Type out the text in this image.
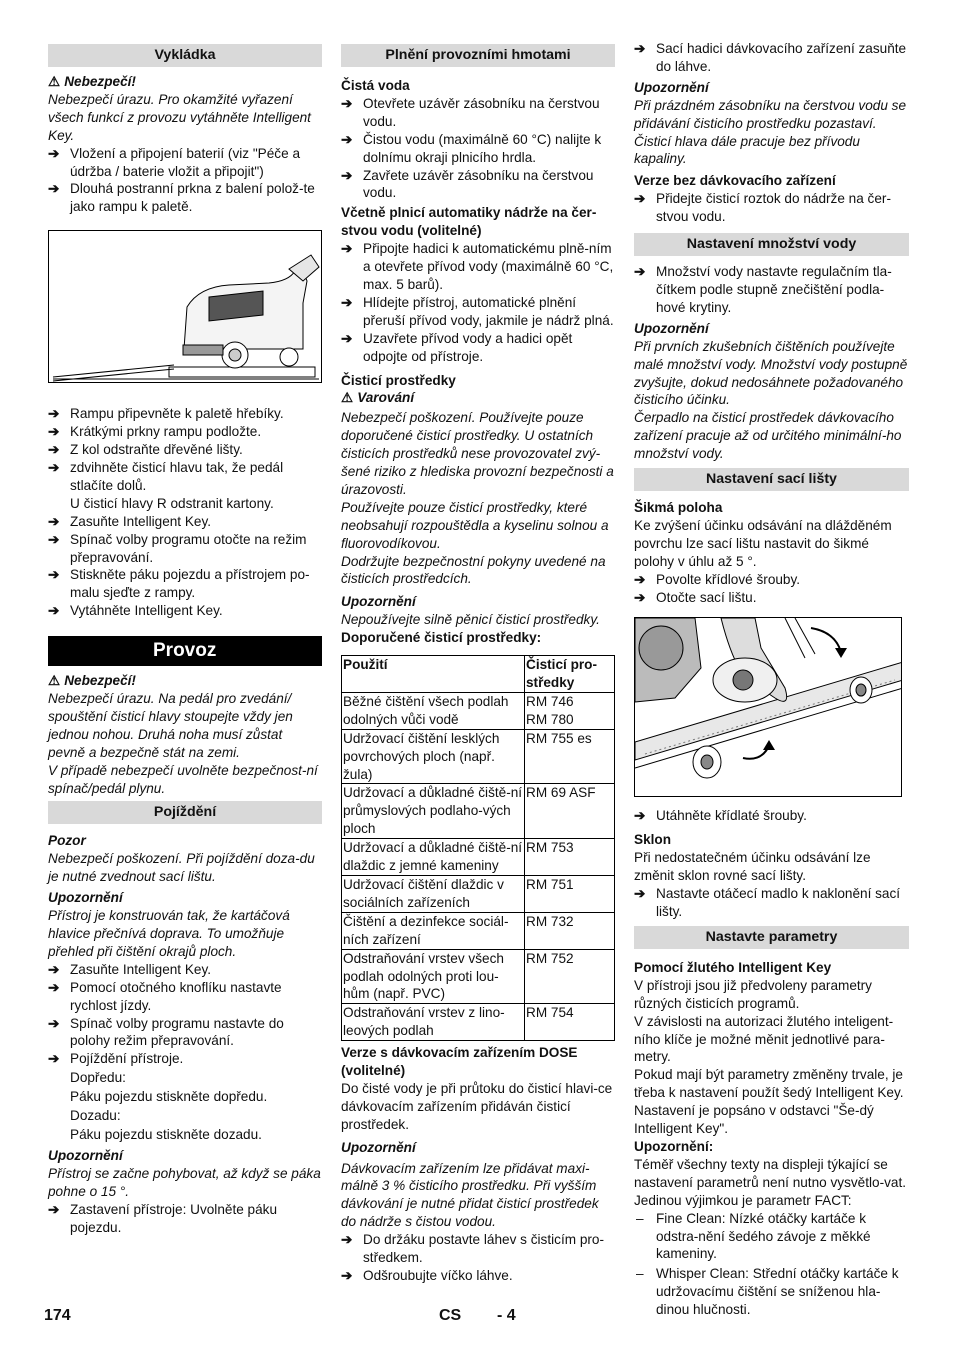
Vykládka

⚠ Nebezpečí!

Nebezpečí úrazu. Pro okamžité vyřazení všech funkcí z provozu vytáhněte Intelligent Key.

➔ Vložení a připojení baterií (viz "Péče a údržba / baterie vložit a připojit")
➔ Dlouhá postranní prkna z balení polož-te jako rampu k paletě.
➔ Rampu připevněte k paletě hřebíky.
➔ Krátkými prkny rampu podložte.
➔ Z kol odstraňte dřevěné lišty.
➔ zdvihněte čisticí hlavu tak, že pedál stlačíte dolů.

U čisticí hlavy R odstranit kartony.

➔ Zasuňte Intelligent Key.
➔ Spínač volby programu otočte na režim přepravování.
➔ Stiskněte páku pojezdu a přístrojem po-malu sjeďte z rampy.
➔ Vytáhněte Intelligent Key.
Provoz

⚠ Nebezpečí!

Nebezpečí úrazu. Na pedál pro zvedání/ spouštění čisticí hlavy stoupejte vždy jen jednou nohou. Druhá noha musí zůstat pevně a bezpečně stát na zemi.

V případě nebezpečí uvolněte bezpečnost-ní spínač/pedál plynu.

Pojíždění

Pozor

Nebezpečí poškození. Při pojíždění doza-du je nutné zvednout sací lištu.

Upozornění

Přístroj je konstruován tak, že kartáčová hlavice přečnívá doprava. To umožňuje přehled při čištění okrajů ploch.

➔ Zasuňte Intelligent Key.
➔ Pomocí otočného knoflíku nastavte rychlost jízdy.
➔ Spínač volby programu nastavte do polohy režim přepravování.
➔ Pojíždění přístroje.

Dopředu:

Páku pojezdu stiskněte dopředu.

Dozadu:

Páku pojezdu stiskněte dozadu.

Upozornění

Přístroj se začne pohybovat, až když se páka pohne o 15 °.

➔ Zastavení přístroje: Uvolněte páku pojezdu.
Plnění provozními hmotami

Čistá voda

➔ Otevřete uzávěr zásobníku na čerstvou vodu.
➔ Čistou vodu (maximálně 60 °C) nalijte k dolnímu okraji plnicího hrdla.
➔ Zavřete uzávěr zásobníku na čerstvou vodu.

Včetně plnicí automatiky nádrže na čer-stvou vodu (volitelné)

➔ Připojte hadici k automatickému plně-ním a otevřete přívod vody (maximálně 60 °C, max. 5 barů).
➔ Hlídejte přístroj, automatické plnění přeruší přívod vody, jakmile je nádrž plná.
➔ Uzavřete přívod vody a hadici opět odpojte od přístroje.

Čisticí prostředky

⚠ Varování

Nebezpečí poškození. Používejte pouze doporučené čisticí prostředky. U ostatních čisticích prostředků nese provozovatel zvý-šené riziko z hlediska provozní bezpečnosti a úrazovosti.

Používejte pouze čisticí prostředky, které neobsahují rozpouštědla a kyselinu solnou a fluorovodíkovou.

Dodržujte bezpečnostní pokyny uvedené na čisticích prostředcích.

Upozornění

Nepoužívejte silně pěnicí čisticí prostředky.

Doporučené čisticí prostředky:

Použití	Čisticí pro-středky
Běžné čištění všech podlah odolných vůči vodě	RM 746
RM 780
Udržovací čištění lesklých povrchových ploch (např. žula)	RM 755 es
Udržovací a důkladné čiště-ní průmyslových podlaho-vých ploch	RM 69 ASF
Udržovací a důkladné čiště-ní dlaždic z jemné kameniny	RM 753
Udržovací čištění dlaždic v sociálních zařízeních	RM 751
Čištění a dezinfekce sociál-ních zařízení	RM 732
Odstraňování vrstev všech podlah odolných proti lou-hům (např. PVC)	RM 752
Odstraňování vrstev z lino-leových podlah	RM 754

Verze s dávkovacím zařízením DOSE (volitelné)

Do čisté vody je při průtoku do čisticí hlavi-ce dávkovacím zařízením přidáván čisticí prostředek.

Upozornění

Dávkovacím zařízením lze přidávat maxi-málně 3 % čisticího prostředku. Při vyšším dávkování je nutné přidat čisticí prostředek do nádrže s čistou vodou.

➔ Do držáku postavte láhev s čisticím pro-středkem.
➔ Odšroubujte víčko láhve.
➔ Sací hadici dávkovacího zařízení zasuňte do láhve.

Upozornění

Při prázdném zásobníku na čerstvou vodu se přidávání čisticího prostředku pozastaví. Čisticí hlava dále pracuje bez přívodu kapaliny.

Verze bez dávkovacího zařízení

➔ Přidejte čisticí roztok do nádrže na čer-stvou vodu.
Nastavení množství vody
➔ Množství vody nastavte regulačním tla-čítkem podle stupně znečištění podla-hové krytiny.

Upozornění

Při prvních zkušebních čištěních používejte malé množství vody. Množství vody postupně zvyšujte, dokud nedosáhnete požadovaného čisticího účinku.

Čerpadlo na čisticí prostředek dávkovacího zařízení pracuje až od určitého minimální-ho množství vody.

Nastavení sací lišty

Šikmá poloha

Ke zvýšení účinku odsávání na dlážděném povrchu lze sací lištu nastavit do šikmé polohy v úhlu až 5 °.

➔ Povolte křídlové šrouby.
➔ Otočte sací lištu.
➔ Utáhněte křídlaté šrouby.

Sklon

Při nedostatečném účinku odsávání lze změnit sklon rovné sací lišty.

➔ Nastavte otáčecí madlo k naklonění sací lišty.
Nastavte parametry

Pomocí žlutého Intelligent Key

V přístroji jsou již předvoleny parametry různých čisticích programů.

V závislosti na autorizaci žlutého inteligent-ního klíče je možné měnit jednotlivé para-metry.

Pokud mají být parametry změněny trvale, je třeba k nastavení použít šedý Intelligent Key. Nastavení je popsáno v odstavci "Še-dý Intelligent Key".

Upozornění:

Téměř všechny texty na displeji týkající se nastavení parametrů není nutno vysvětlo-vat. Jedinou výjimkou je parametr FACT:

– Fine Clean: Nízké otáčky kartáče k odstra-nění šedého závoje z měkké kameniny.
– Whisper Clean: Střední otáčky kartáče k udržovacímu čištění se sníženou hla-dinou hlučnosti.
174	CS - 4
